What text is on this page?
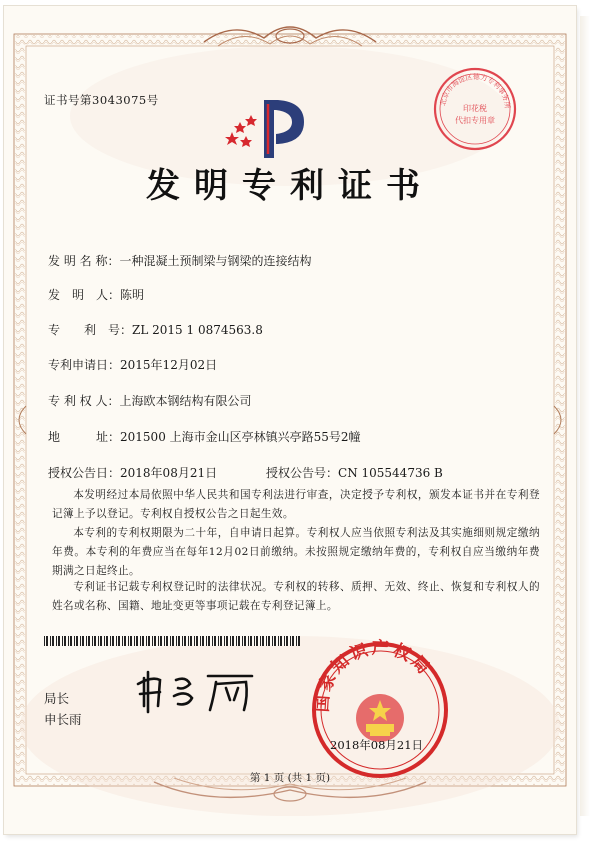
证书号第3043075号	北京市海淀区德力专利事务所
印花税
代扣专用章
发明专利证书
发 明 名 称：一种混凝土预制梁与钢梁的连接结构
发　明　人：陈明
专　　利　号：ZL 2015 1 0874563.8
专利申请日：2015年12月02日
专 利 权 人：上海欧本钢结构有限公司
地　　　址：201500 上海市金山区亭林镇兴亭路55号2幢
授权公告日：2018年08月21日	授权公告号：CN 105544736 B

本发明经过本局依照中华人民共和国专利法进行审查，决定授予专利权，颁发本证书并在专利登记簿上予以登记。专利权自授权公告之日起生效。

本专利的专利权期限为二十年，自申请日起算。专利权人应当依照专利法及其实施细则规定缴纳年费。本专利的年费应当在每年12月02日前缴纳。未按照规定缴纳年费的，专利权自应当缴纳年费期满之日起终止。

专利证书记载专利权登记时的法律状况。专利权的转移、质押、无效、终止、恢复和专利权人的姓名或名称、国籍、地址变更等事项记载在专利登记簿上。

局长
申长雨
国家知识产权局
2018年08月21日
第 1 页 (共 1 页)
